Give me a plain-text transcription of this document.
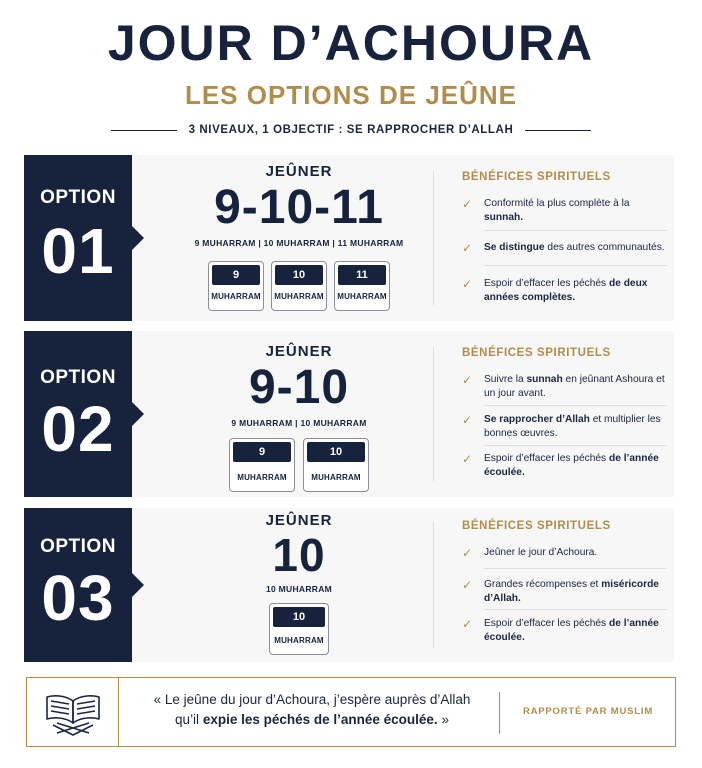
JOUR D’ACHOURA
LES OPTIONS DE JEÛNE
3 NIVEAUX, 1 OBJECTIF : SE RAPPROCHER D’ALLAH
OPTION
01
JEÛNER
9-10-11
9 MUHARRAM | 10 MUHARRAM | 11 MUHARRAM
9
MUHARRAM
10
MUHARRAM
11
MUHARRAM
BÉNÉFICES SPIRITUELS
✓ Conformité la plus complète à la sunnah.
✓ Se distingue des autres communautés.
✓ Espoir d’effacer les péchés de deux années complètes.
OPTION
02
JEÛNER
9-10
9 MUHARRAM | 10 MUHARRAM
9
MUHARRAM
10
MUHARRAM
BÉNÉFICES SPIRITUELS
✓ Suivre la sunnah en jeûnant Ashoura et un jour avant.
✓ Se rapprocher d’Allah et multiplier les bonnes œuvres.
✓ Espoir d’effacer les péchés de l’année écoulée.
OPTION
03
JEÛNER
10
10 MUHARRAM
10
MUHARRAM
BÉNÉFICES SPIRITUELS
✓ Jeûner le jour d’Achoura.
✓ Grandes récompenses et miséricorde d’Allah.
✓ Espoir d’effacer les péchés de l’année écoulée.
« Le jeûne du jour d’Achoura, j’espère auprès d’Allah
qu’il expie les péchés de l’année écoulée. »
RAPPORTÉ PAR MUSLIM
